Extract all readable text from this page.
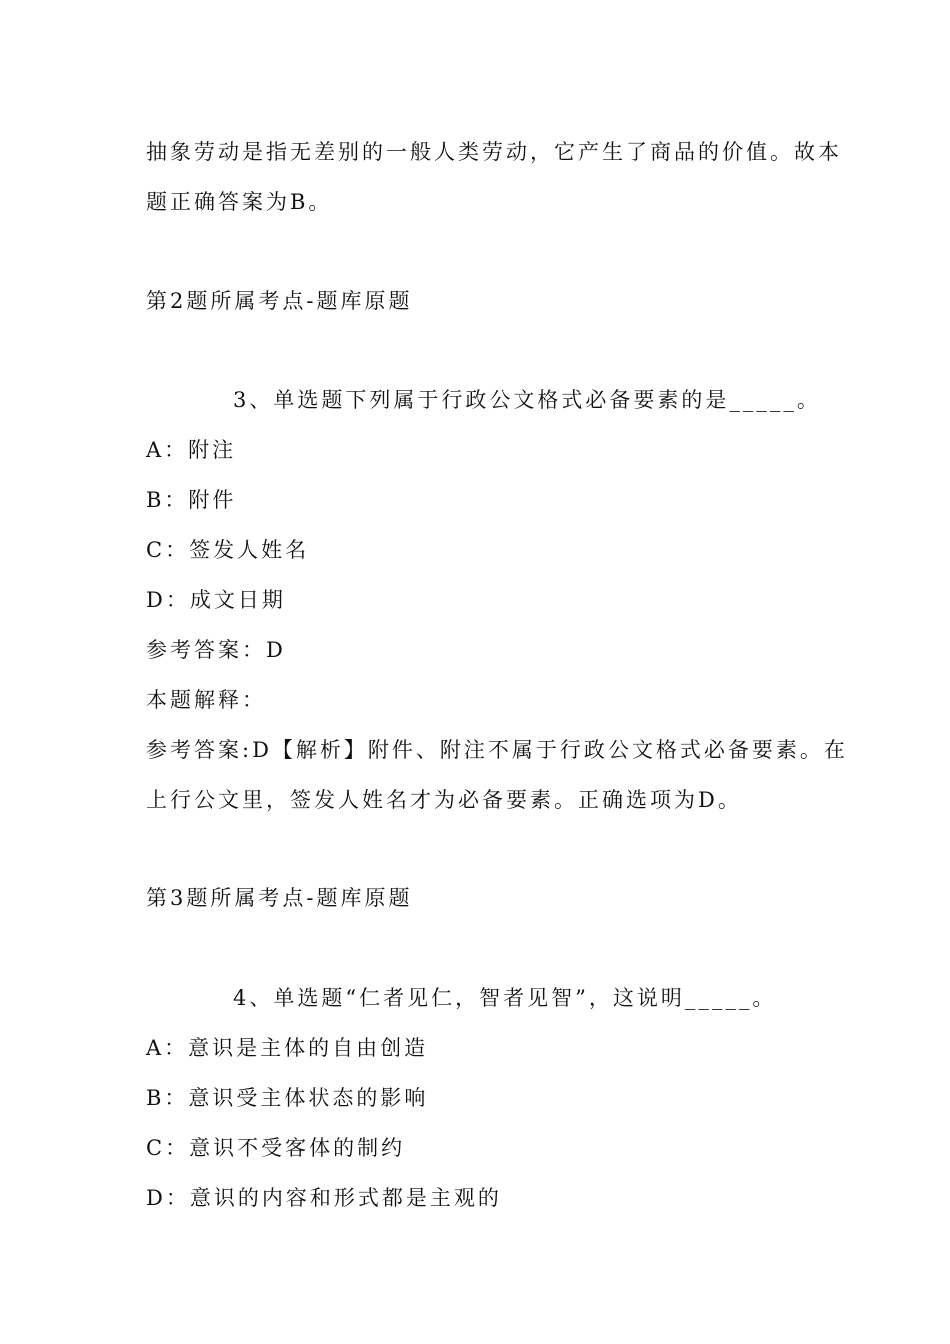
抽象劳动是指无差别的一般人类劳动，它产生了商品的价值。故本
题正确答案为B。
第2题所属考点-题库原题
3、单选题下列属于行政公文格式必备要素的是_____。
A：附注
B：附件
C：签发人姓名
D：成文日期
参考答案：D
本题解释：
参考答案:D【解析】附件、附注不属于行政公文格式必备要素。在
上行公文里，签发人姓名才为必备要素。正确选项为D。
第3题所属考点-题库原题
4、单选题“仁者见仁，智者见智”，这说明_____。
A：意识是主体的自由创造
B：意识受主体状态的影响
C：意识不受客体的制约
D：意识的内容和形式都是主观的
